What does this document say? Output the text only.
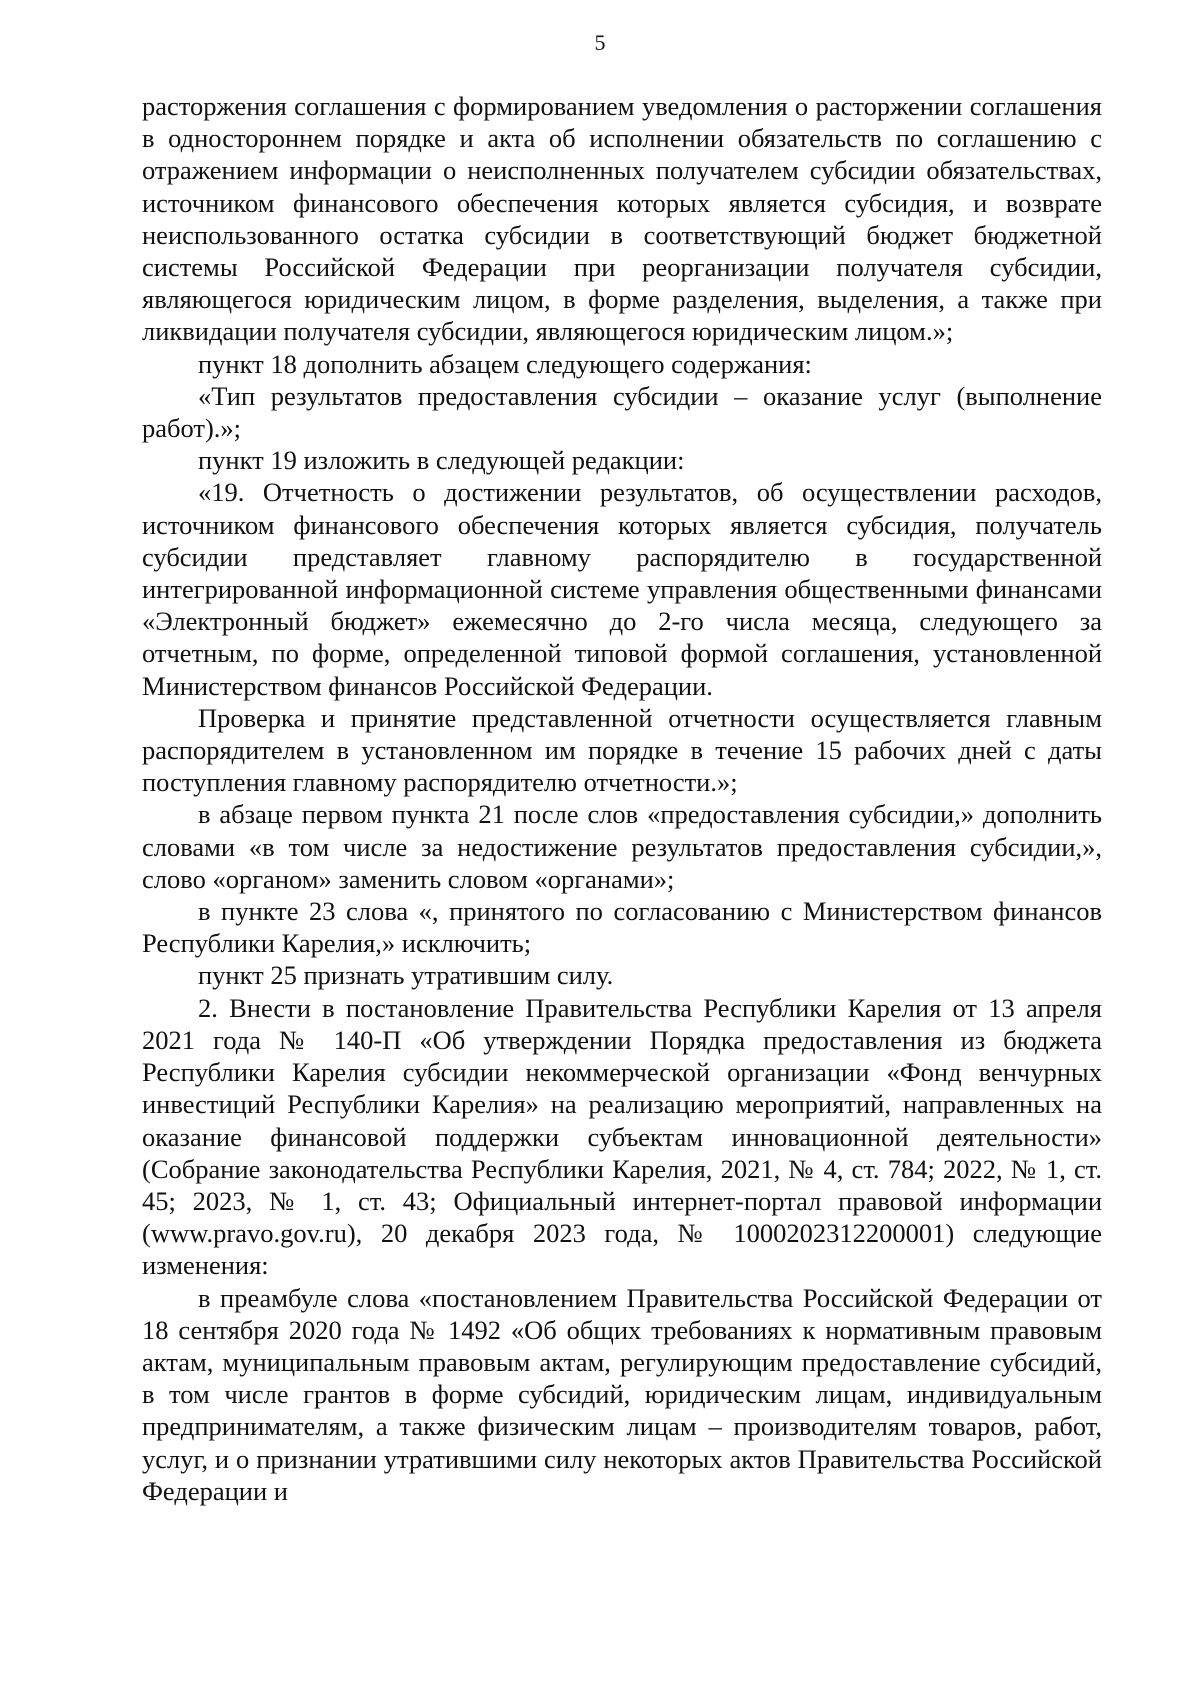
5

расторжения соглашения с формированием уведомления о расторжении соглашения в одностороннем порядке и акта об исполнении обязательств по соглашению с отражением информации о неисполненных получателем субсидии обязательствах, источником финансового обеспечения которых является субсидия, и возврате неиспользованного остатка субсидии в соответствующий бюджет бюджетной системы Российской Федерации при реорганизации получателя субсидии, являющегося юридическим лицом, в форме разделения, выделения, а также при ликвидации получателя субсидии, являющегося юридическим лицом.»;

пункт 18 дополнить абзацем следующего содержания:

«Тип результатов предоставления субсидии – оказание услуг (выполнение работ).»;

пункт 19 изложить в следующей редакции:

«19. Отчетность о достижении результатов, об осуществлении расходов, источником финансового обеспечения которых является субсидия, получатель субсидии представляет главному распорядителю в государственной интегрированной информационной системе управления общественными финансами «Электронный бюджет» ежемесячно до 2-го числа месяца, следующего за отчетным, по форме, определенной типовой формой соглашения, установленной Министерством финансов Российской Федерации.

Проверка и принятие представленной отчетности осуществляется главным распорядителем в установленном им порядке в течение 15 рабочих дней с даты поступления главному распорядителю отчетности.»;

в абзаце первом пункта 21 после слов «предоставления субсидии,» дополнить словами «в том числе за недостижение результатов предоставления субсидии,», слово «органом» заменить словом «органами»;

в пункте 23 слова «, принятого по согласованию с Министерством финансов Республики Карелия,» исключить;

пункт 25 признать утратившим силу.

2. Внести в постановление Правительства Республики Карелия от 13 апреля 2021 года № 140-П «Об утверждении Порядка предоставления из бюджета Республики Карелия субсидии некоммерческой организации «Фонд венчурных инвестиций Республики Карелия» на реализацию мероприятий, направленных на оказание финансовой поддержки субъектам инновационной деятельности» (Собрание законодательства Республики Карелия, 2021, № 4, ст. 784; 2022, № 1, ст. 45; 2023, № 1, ст. 43; Официальный интернет-портал правовой информации (www.pravo.gov.ru), 20 декабря 2023 года, № 1000202312200001) следующие изменения:

в преамбуле слова «постановлением Правительства Российской Федерации от 18 сентября 2020 года № 1492 «Об общих требованиях к нормативным правовым актам, муниципальным правовым актам, регулирующим предоставление субсидий, в том числе грантов в форме субсидий, юридическим лицам, индивидуальным предпринимателям, а также физическим лицам – производителям товаров, работ, услуг, и о признании утратившими силу некоторых актов Правительства Российской Федерации и
